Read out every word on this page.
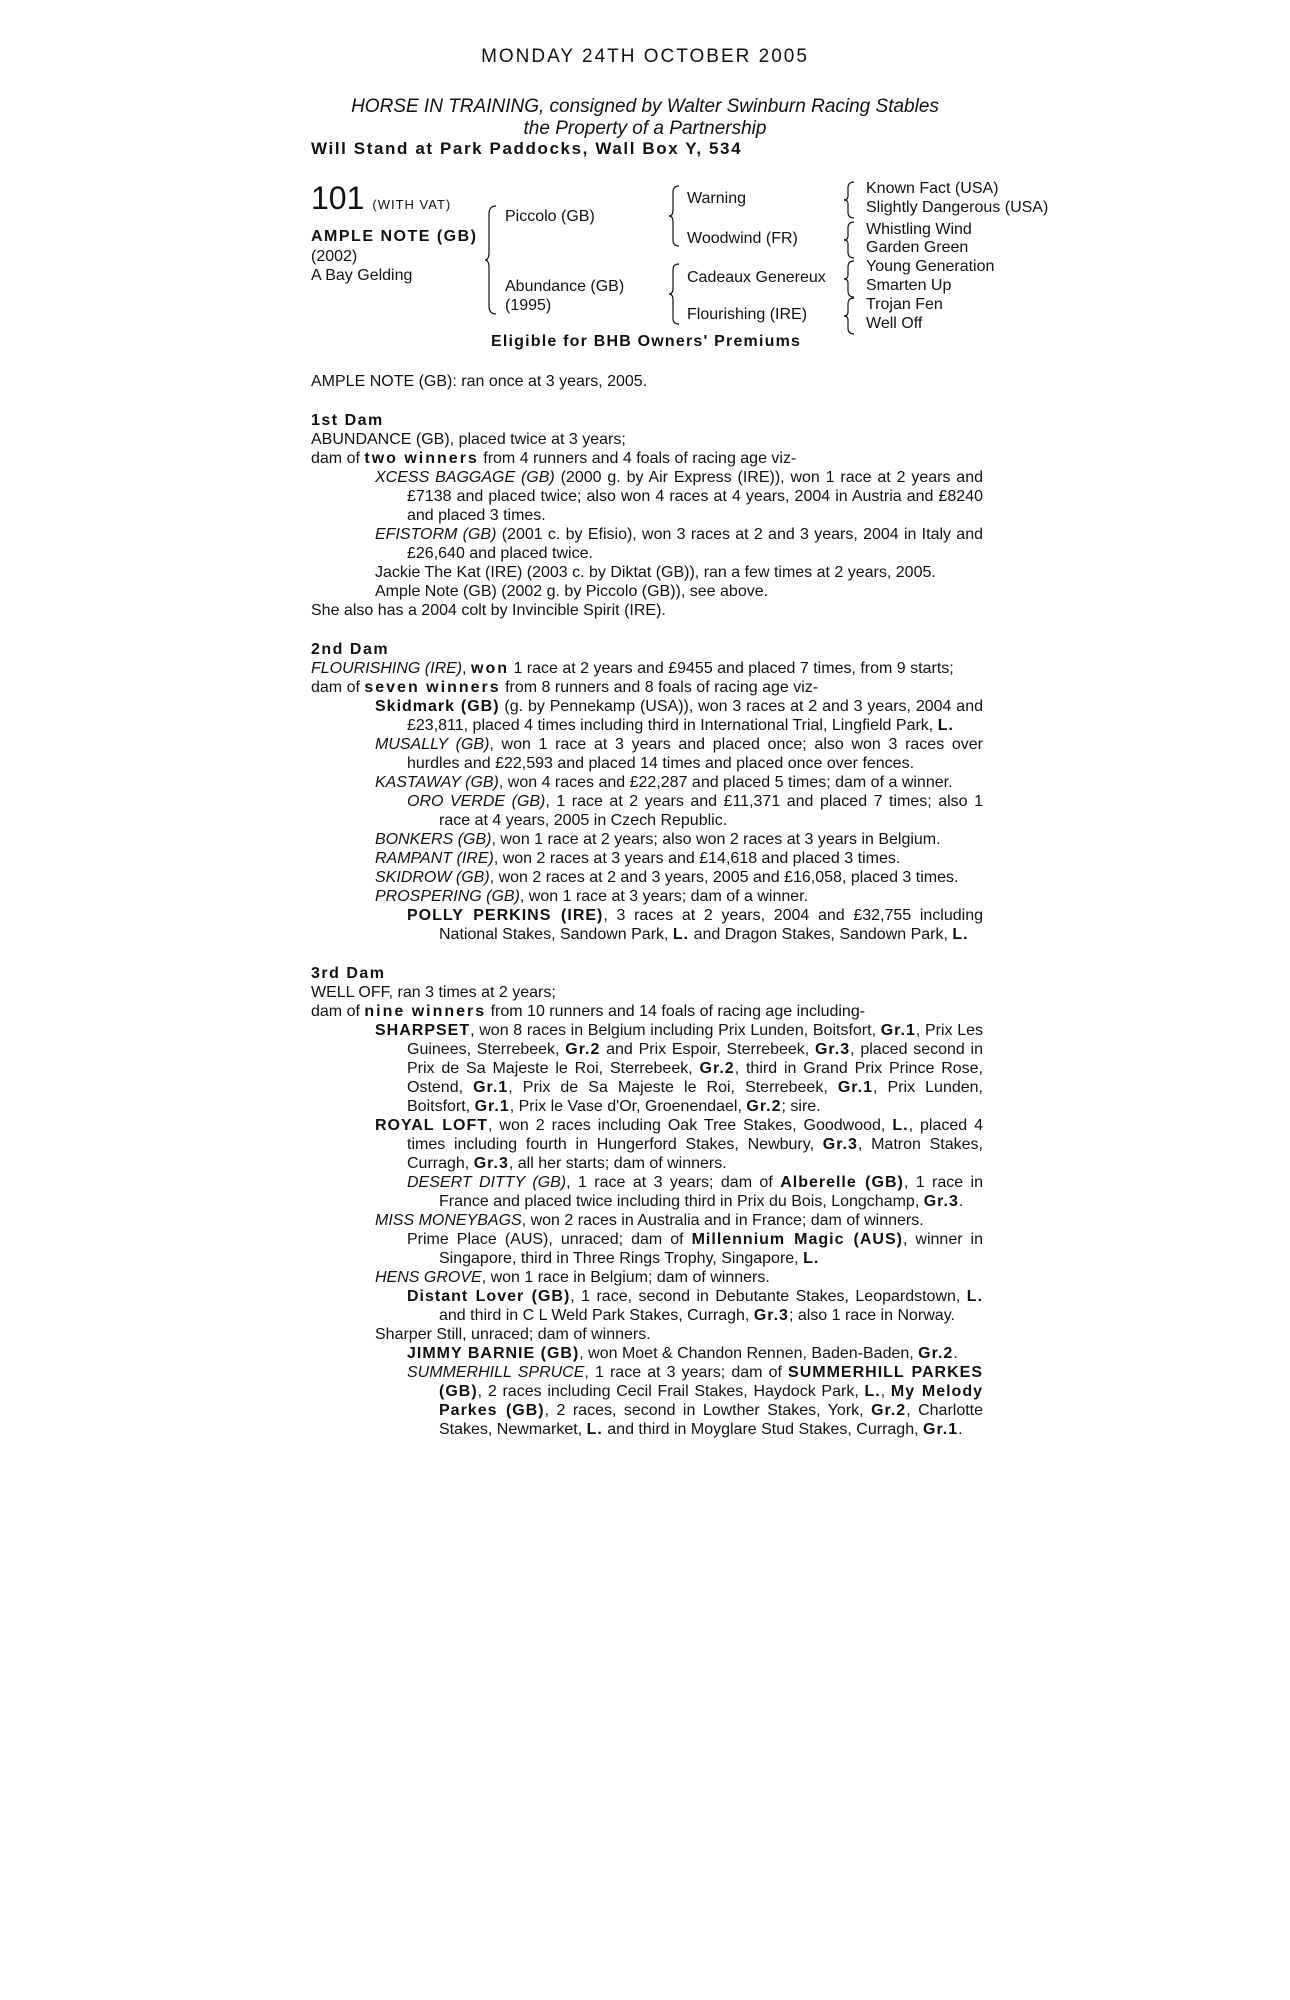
MONDAY 24TH OCTOBER 2005
HORSE IN TRAINING, consigned by Walter Swinburn Racing Stables
the Property of a Partnership
Will Stand at Park Paddocks, Wall Box Y, 534
101 (WITH VAT)
AMPLE NOTE (GB)
(2002)
A Bay Gelding
Piccolo (GB)
Abundance (GB)
(1995)
Warning
Woodwind (FR)
Cadeaux Genereux
Flourishing (IRE)
Known Fact (USA)
Slightly Dangerous (USA)
Whistling Wind
Garden Green
Young Generation
Smarten Up
Trojan Fen
Well Off
Eligible for BHB Owners' Premiums

AMPLE NOTE (GB): ran once at 3 years, 2005.

1st Dam

ABUNDANCE (GB), placed twice at 3 years;

dam of two winners from 4 runners and 4 foals of racing age viz-

XCESS BAGGAGE (GB) (2000 g. by Air Express (IRE)), won 1 race at 2 years and £7138 and placed twice; also won 4 races at 4 years, 2004 in Austria and £8240 and placed 3 times.

EFISTORM (GB) (2001 c. by Efisio), won 3 races at 2 and 3 years, 2004 in Italy and £26,640 and placed twice.

Jackie The Kat (IRE) (2003 c. by Diktat (GB)), ran a few times at 2 years, 2005.

Ample Note (GB) (2002 g. by Piccolo (GB)), see above.

She also has a 2004 colt by Invincible Spirit (IRE).

2nd Dam

FLOURISHING (IRE), won 1 race at 2 years and £9455 and placed 7 times, from 9 starts;

dam of seven winners from 8 runners and 8 foals of racing age viz-

Skidmark (GB) (g. by Pennekamp (USA)), won 3 races at 2 and 3 years, 2004 and £23,811, placed 4 times including third in International Trial, Lingfield Park, L.

MUSALLY (GB), won 1 race at 3 years and placed once; also won 3 races over hurdles and £22,593 and placed 14 times and placed once over fences.

KASTAWAY (GB), won 4 races and £22,287 and placed 5 times; dam of a winner.

ORO VERDE (GB), 1 race at 2 years and £11,371 and placed 7 times; also 1 race at 4 years, 2005 in Czech Republic.

BONKERS (GB), won 1 race at 2 years; also won 2 races at 3 years in Belgium.

RAMPANT (IRE), won 2 races at 3 years and £14,618 and placed 3 times.

SKIDROW (GB), won 2 races at 2 and 3 years, 2005 and £16,058, placed 3 times.

PROSPERING (GB), won 1 race at 3 years; dam of a winner.

POLLY PERKINS (IRE), 3 races at 2 years, 2004 and £32,755 including National Stakes, Sandown Park, L. and Dragon Stakes, Sandown Park, L.

3rd Dam

WELL OFF, ran 3 times at 2 years;

dam of nine winners from 10 runners and 14 foals of racing age including-

SHARPSET, won 8 races in Belgium including Prix Lunden, Boitsfort, Gr.1, Prix Les Guinees, Sterrebeek, Gr.2 and Prix Espoir, Sterrebeek, Gr.3, placed second in Prix de Sa Majeste le Roi, Sterrebeek, Gr.2, third in Grand Prix Prince Rose, Ostend, Gr.1, Prix de Sa Majeste le Roi, Sterrebeek, Gr.1, Prix Lunden, Boitsfort, Gr.1, Prix le Vase d'Or, Groenendael, Gr.2; sire.

ROYAL LOFT, won 2 races including Oak Tree Stakes, Goodwood, L., placed 4 times including fourth in Hungerford Stakes, Newbury, Gr.3, Matron Stakes, Curragh, Gr.3, all her starts; dam of winners.

DESERT DITTY (GB), 1 race at 3 years; dam of Alberelle (GB), 1 race in France and placed twice including third in Prix du Bois, Longchamp, Gr.3.

MISS MONEYBAGS, won 2 races in Australia and in France; dam of winners.

Prime Place (AUS), unraced; dam of Millennium Magic (AUS), winner in Singapore, third in Three Rings Trophy, Singapore, L.

HENS GROVE, won 1 race in Belgium; dam of winners.

Distant Lover (GB), 1 race, second in Debutante Stakes, Leopardstown, L. and third in C L Weld Park Stakes, Curragh, Gr.3; also 1 race in Norway.

Sharper Still, unraced; dam of winners.

JIMMY BARNIE (GB), won Moet & Chandon Rennen, Baden-Baden, Gr.2.

SUMMERHILL SPRUCE, 1 race at 3 years; dam of SUMMERHILL PARKES (GB), 2 races including Cecil Frail Stakes, Haydock Park, L., My Melody Parkes (GB), 2 races, second in Lowther Stakes, York, Gr.2, Charlotte Stakes, Newmarket, L. and third in Moyglare Stud Stakes, Curragh, Gr.1.
